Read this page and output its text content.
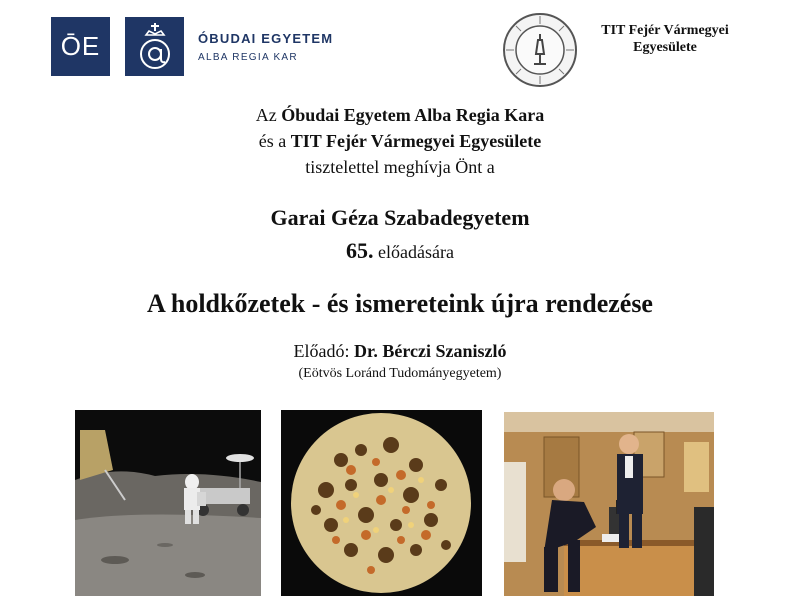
ŌE	ÓBUDAI EGYETEM
ALBA REGIA KAR
TIT Fejér Vármegyei
Egyesülete
Az Óbudai Egyetem Alba Regia Kara
és a TIT Fejér Vármegyei Egyesülete
tisztelettel meghívja Önt a
Garai Géza Szabadegyetem
65. előadására
A holdkőzetek - és ismereteink újra rendezése
Előadó: Dr. Bérczi Szaniszló
(Eötvös Loránd Tudományegyetem)
